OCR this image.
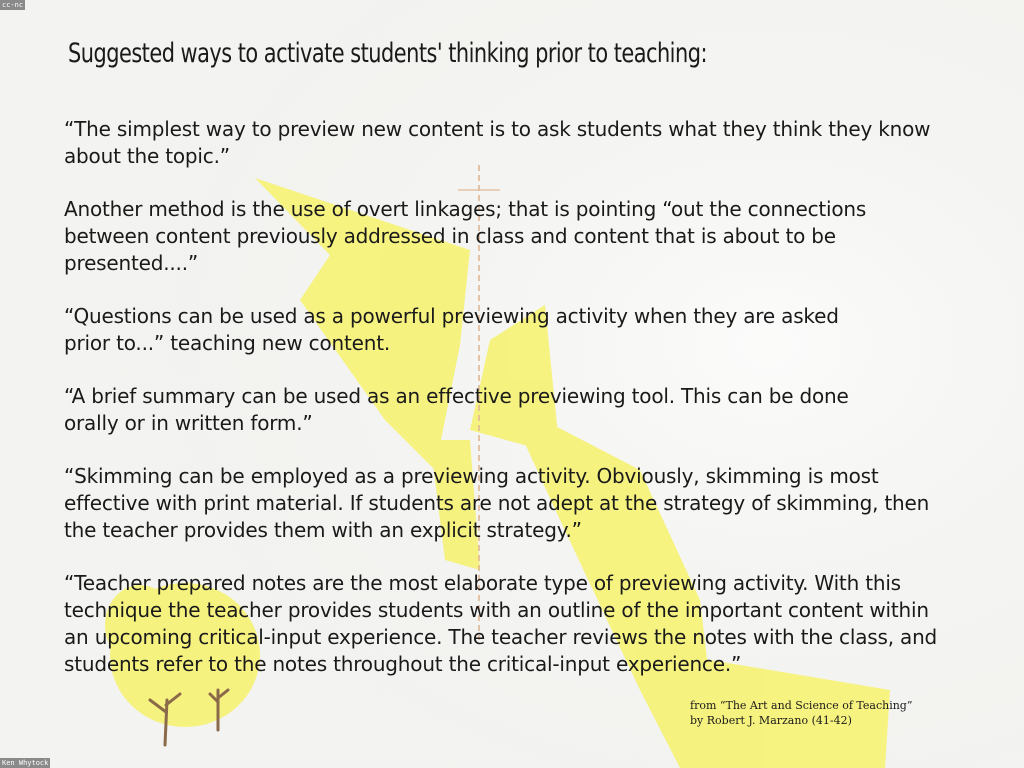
cc-nc
Ken Whytock
Suggested ways to activate students' thinking prior to teaching:

“The simplest way to preview new content is to ask students what they think they know
about the topic.”

Another method is the use of overt linkages; that is pointing “out the connections
between content previously addressed in class and content that is about to be
presented....”

“Questions can be used as a powerful previewing activity when they are asked
prior to...” teaching new content.

“A brief summary can be used as an effective previewing tool. This can be done
orally or in written form.”

“Skimming can be employed as a previewing activity. Obviously, skimming is most
effective with print material. If students are not adept at the strategy of skimming, then
the teacher provides them with an explicit strategy.”

“Teacher prepared notes are the most elaborate type of previewing activity. With this
technique the teacher provides students with an outline of the important content within
an upcoming critical-input experience. The teacher reviews the notes with the class, and
students refer to the notes throughout the critical-input experience.”

from “The Art and Science of Teaching”
by Robert J. Marzano (41-42)
